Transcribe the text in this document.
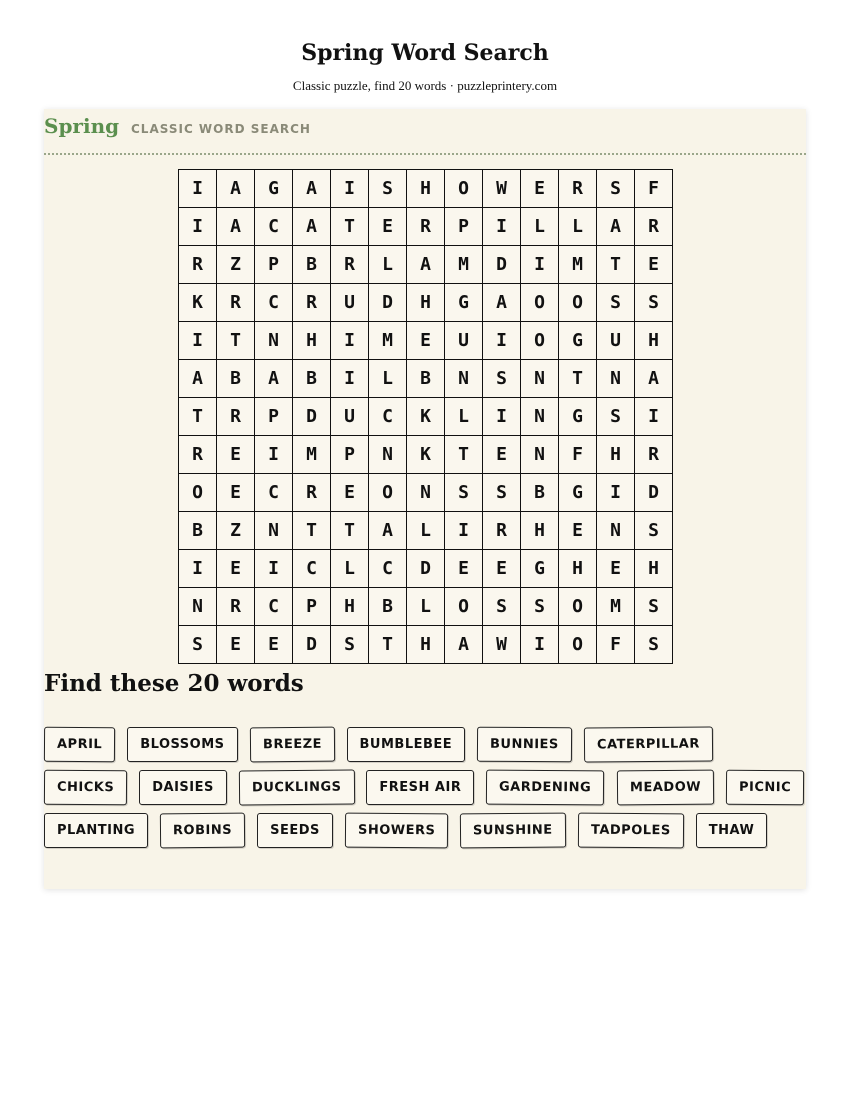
Spring Word Search
Classic puzzle, find 20 words · puzzleprintery.com
Spring CLASSIC WORD SEARCH
I	A	G	A	I	S	H	O	W	E	R	S	F
I	A	C	A	T	E	R	P	I	L	L	A	R
R	Z	P	B	R	L	A	M	D	I	M	T	E
K	R	C	R	U	D	H	G	A	O	O	S	S
I	T	N	H	I	M	E	U	I	O	G	U	H
A	B	A	B	I	L	B	N	S	N	T	N	A
T	R	P	D	U	C	K	L	I	N	G	S	I
R	E	I	M	P	N	K	T	E	N	F	H	R
O	E	C	R	E	O	N	S	S	B	G	I	D
B	Z	N	T	T	A	L	I	R	H	E	N	S
I	E	I	C	L	C	D	E	E	G	H	E	H
N	R	C	P	H	B	L	O	S	S	O	M	S
S	E	E	D	S	T	H	A	W	I	O	F	S
Find these 20 words
APRIL	BLOSSOMS	BREEZE	BUMBLEBEE	BUNNIES	CATERPILLAR
CHICKS	DAISIES	DUCKLINGS	FRESH AIR	GARDENING	MEADOW	PICNIC
PLANTING	ROBINS	SEEDS	SHOWERS	SUNSHINE	TADPOLES	THAW
